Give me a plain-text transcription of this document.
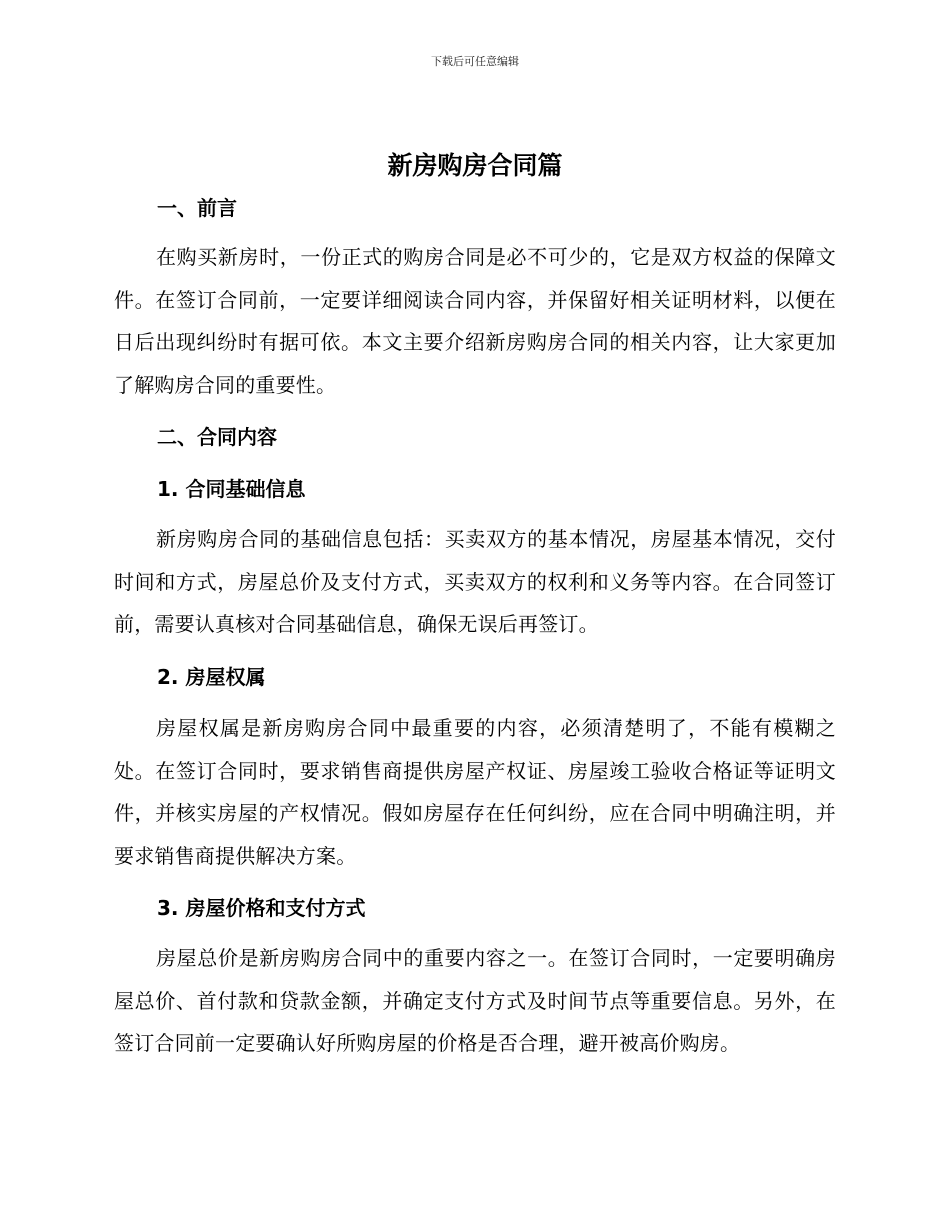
下载后可任意编辑
新房购房合同篇
一、前言

在购买新房时，一份正式的购房合同是必不可少的，它是双方权益的保障文件。在签订合同前，一定要详细阅读合同内容，并保留好相关证明材料，以便在日后出现纠纷时有据可依。本文主要介绍新房购房合同的相关内容，让大家更加了解购房合同的重要性。

二、合同内容
1. 合同基础信息

新房购房合同的基础信息包括：买卖双方的基本情况，房屋基本情况，交付时间和方式，房屋总价及支付方式，买卖双方的权利和义务等内容。在合同签订前，需要认真核对合同基础信息，确保无误后再签订。

2. 房屋权属

房屋权属是新房购房合同中最重要的内容，必须清楚明了，不能有模糊之处。在签订合同时，要求销售商提供房屋产权证、房屋竣工验收合格证等证明文件，并核实房屋的产权情况。假如房屋存在任何纠纷，应在合同中明确注明，并要求销售商提供解决方案。

3. 房屋价格和支付方式

房屋总价是新房购房合同中的重要内容之一。在签订合同时，一定要明确房屋总价、首付款和贷款金额，并确定支付方式及时间节点等重要信息。另外，在签订合同前一定要确认好所购房屋的价格是否合理，避开被高价购房。
